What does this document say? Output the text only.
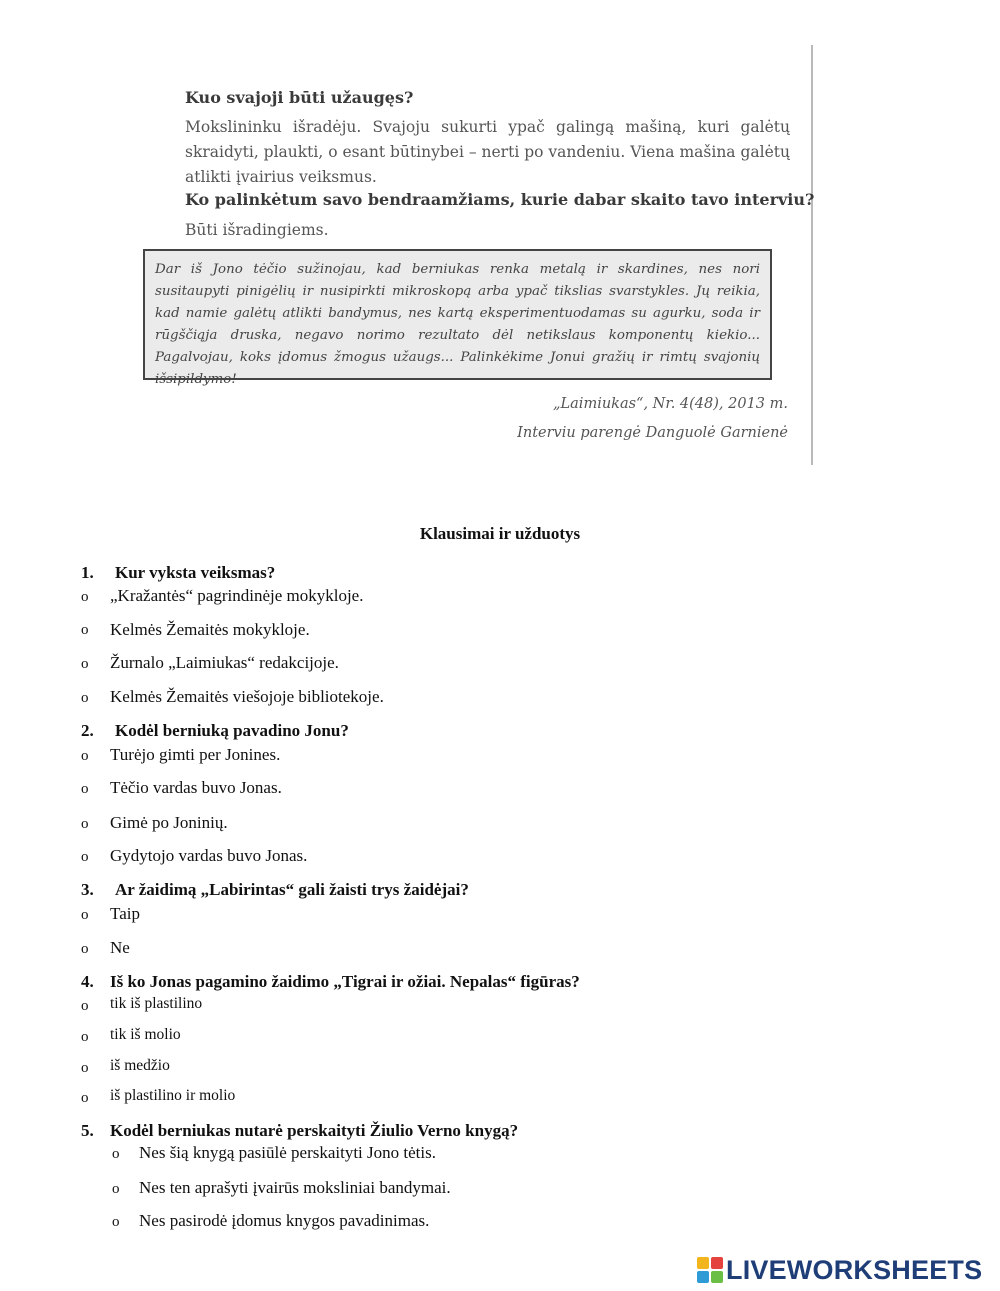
Kuo svajoji būti užaugęs?
Mokslininku išradėju. Svajoju sukurti ypač galingą mašiną, kuri galėtų skraidyti, plaukti, o esant būtinybei – nerti po vandeniu. Viena mašina galėtų atlikti įvairius veiksmus.
Ko palinkėtum savo bendraamžiams, kurie dabar skaito tavo interviu?
Būti išradingiems.
Dar iš Jono tėčio sužinojau, kad berniukas renka metalą ir skardines, nes nori susitaupyti pinigėlių ir nusipirkti mikroskopą arba ypač tikslias svarstykles. Jų reikia, kad namie galėtų atlikti bandymus, nes kartą eksperimentuodamas su agurku, soda ir rūgščiąja druska, negavo norimo rezultato dėl netikslaus komponentų kiekio... Pagalvojau, koks įdomus žmogus užaugs... Palinkėkime Jonui gražių ir rimtų svajonių išsipildymo!
„Laimiukas“, Nr. 4(48), 2013 m.
Interviu parengė Danguolė Garnienė
Klausimai ir užduotys
1. Kur vyksta veiksmas?
o „Kražantės“ pagrindinėje mokykloje.
o Kelmės Žemaitės mokykloje.
o Žurnalo „Laimiukas“ redakcijoje.
o Kelmės Žemaitės viešojoje bibliotekoje.
2. Kodėl berniuką pavadino Jonu?
o Turėjo gimti per Jonines.
o Tėčio vardas buvo Jonas.
o Gimė po Joninių.
o Gydytojo vardas buvo Jonas.
3. Ar žaidimą „Labirintas“ gali žaisti trys žaidėjai?
o Taip
o Ne
4. Iš ko Jonas pagamino žaidimo „Tigrai ir ožiai. Nepalas“ figūras?
o tik iš plastilino
o tik iš molio
o iš medžio
o iš plastilino ir molio
5. Kodėl berniukas nutarė perskaityti Žiulio Verno knygą?
o Nes šią knygą pasiūlė perskaityti Jono tėtis.
o Nes ten aprašyti įvairūs moksliniai bandymai.
o Nes pasirodė įdomus knygos pavadinimas.
LIVEWORKSHEETS
